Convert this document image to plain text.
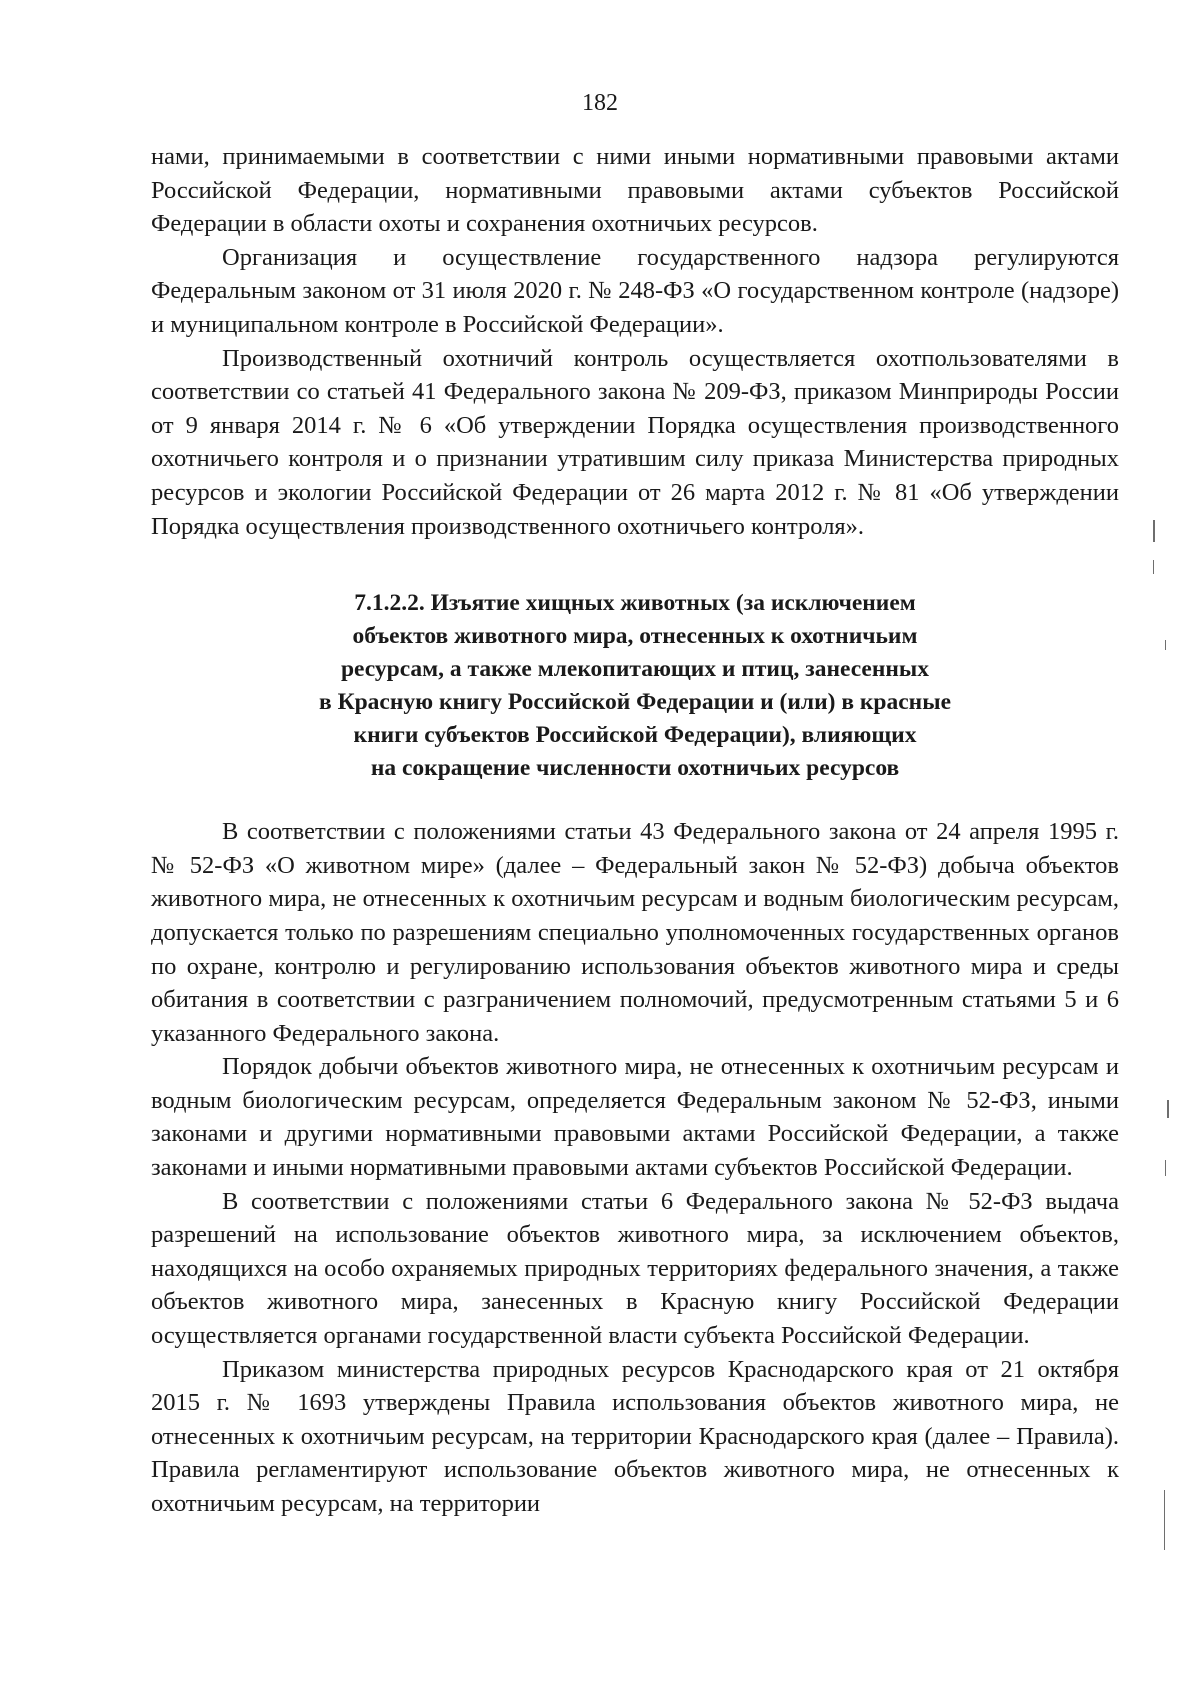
182

нами, принимаемыми в соответствии с ними иными нормативными правовыми актами Российской Федерации, нормативными правовыми актами субъектов Российской Федерации в области охоты и сохранения охотничьих ресурсов.

Организация и осуществление государственного надзора регулируются Федеральным законом от 31 июля 2020 г. № 248-ФЗ «О государственном контроле (надзоре) и муниципальном контроле в Российской Федерации».

Производственный охотничий контроль осуществляется охотпользователями в соответствии со статьей 41 Федерального закона № 209-ФЗ, приказом Минприроды России от 9 января 2014 г. № 6 «Об утверждении Порядка осуществления производственного охотничьего контроля и о признании утратившим силу приказа Министерства природных ресурсов и экологии Российской Федерации от 26 марта 2012 г. № 81 «Об утверждении Порядка осуществления производственного охотничьего контроля».

7.1.2.2. Изъятие хищных животных (за исключением
объектов животного мира, отнесенных к охотничьим
ресурсам, а также млекопитающих и птиц, занесенных
в Красную книгу Российской Федерации и (или) в красные
книги субъектов Российской Федерации), влияющих
на сокращение численности охотничьих ресурсов

В соответствии с положениями статьи 43 Федерального закона от 24 апреля 1995 г. № 52-ФЗ «О животном мире» (далее – Федеральный закон № 52-ФЗ) добыча объектов животного мира, не отнесенных к охотничьим ресурсам и водным биологическим ресурсам, допускается только по разрешениям специально уполномоченных государственных органов по охране, контролю и регулированию использования объектов животного мира и среды обитания в соответствии с разграничением полномочий, предусмотренным статьями 5 и 6 указанного Федерального закона.

Порядок добычи объектов животного мира, не отнесенных к охотничьим ресурсам и водным биологическим ресурсам, определяется Федеральным законом № 52-ФЗ, иными законами и другими нормативными правовыми актами Российской Федерации, а также законами и иными нормативными правовыми актами субъектов Российской Федерации.

В соответствии с положениями статьи 6 Федерального закона № 52-ФЗ выдача разрешений на использование объектов животного мира, за исключением объектов, находящихся на особо охраняемых природных территориях федерального значения, а также объектов животного мира, занесенных в Красную книгу Российской Федерации осуществляется органами государственной власти субъекта Российской Федерации.

Приказом министерства природных ресурсов Краснодарского края от 21 октября 2015 г. № 1693 утверждены Правила использования объектов животного мира, не отнесенных к охотничьим ресурсам, на территории Краснодарского края (далее – Правила). Правила регламентируют использование объектов животного мира, не отнесенных к охотничьим ресурсам, на территории
